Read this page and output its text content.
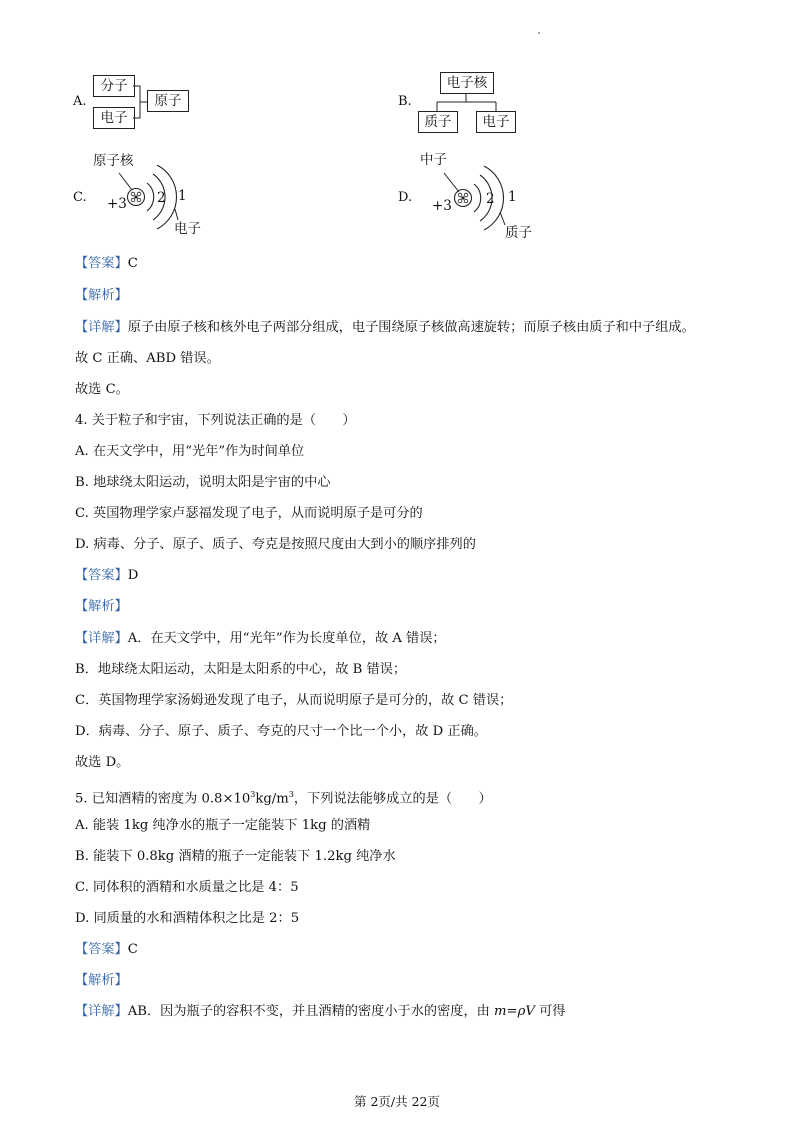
A.
分子
电子
原子	B.
电子核
质子	电子
C.
原子核
+3 2 1
电子
D.
中子
+3	2 1
质子
【答案】C
【解析】
【详解】原子由原子核和核外电子两部分组成，电子围绕原子核做高速旋转；而原子核由质子和中子组成。
故 C 正确、ABD 错误。
故选 C。
4. 关于粒子和宇宙，下列说法正确的是（　　）
A. 在天文学中，用“光年”作为时间单位
B. 地球绕太阳运动，说明太阳是宇宙的中心
C. 英国物理学家卢瑟福发现了电子，从而说明原子是可分的
D. 病毒、分子、原子、质子、夸克是按照尺度由大到小的顺序排列的
【答案】D
【解析】
【详解】A．在天文学中，用“光年”作为长度单位，故 A 错误；
B．地球绕太阳运动，太阳是太阳系的中心，故 B 错误；
C．英国物理学家汤姆逊发现了电子，从而说明原子是可分的，故 C 错误；
D．病毒、分子、原子、质子、夸克的尺寸一个比一个小，故 D 正确。
故选 D。
5. 已知酒精的密度为 $0.8\times 10^3kg/m^3$，下列说法能够成立的是（　　）
A. 能装 1kg 纯净水的瓶子一定能装下 1kg 的酒精
B. 能装下 0.8kg 酒精的瓶子一定能装下 1.2kg 纯净水
C. 同体积的酒精和水质量之比是 4：5
D. 同质量的水和酒精体积之比是 2：5
【答案】C
【解析】
【详解】AB．因为瓶子的容积不变，并且酒精的密度小于水的密度，由 m=ρV 可得
第 2页/共 22页
